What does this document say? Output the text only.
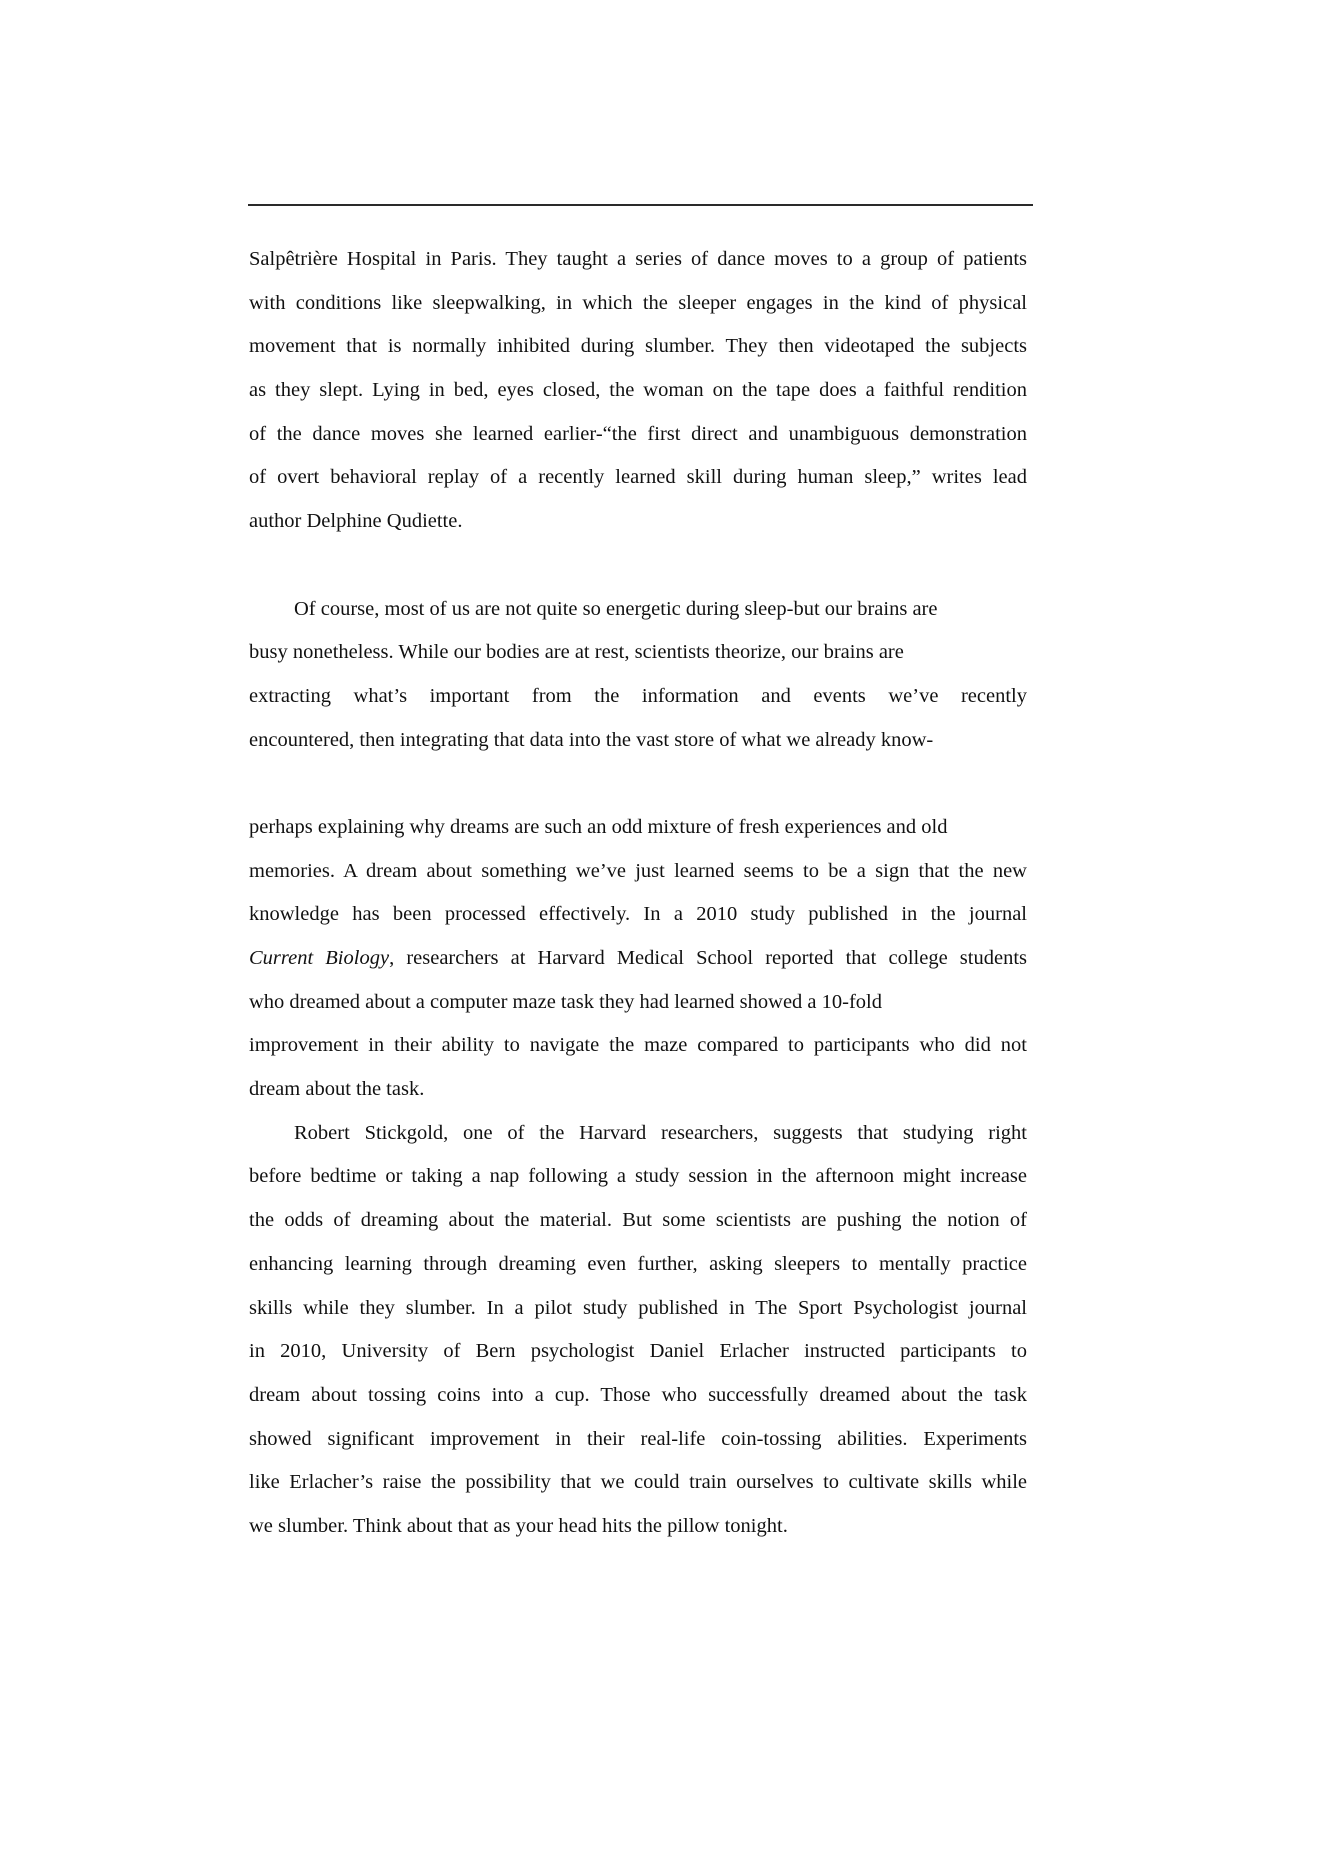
Salpêtrière Hospital in Paris. They taught a series of dance moves to a group of patients
with conditions like sleepwalking, in which the sleeper engages in the kind of physical
movement that is normally inhibited during slumber. They then videotaped the subjects
as they slept. Lying in bed, eyes closed, the woman on the tape does a faithful rendition
of the dance moves she learned earlier-“the first direct and unambiguous demonstration
of overt behavioral replay of a recently learned skill during human sleep,” writes lead
author Delphine Qudiette.
Of course, most of us are not quite so energetic during sleep-but our brains are
busy nonetheless. While our bodies are at rest, scientists theorize, our brains are
extracting what’s important from the information and events we’ve recently
encountered, then integrating that data into the vast store of what we already know-
perhaps explaining why dreams are such an odd mixture of fresh experiences and old
memories. A dream about something we’ve just learned seems to be a sign that the new
knowledge has been processed effectively. In a 2010 study published in the journal
Current Biology, researchers at Harvard Medical School reported that college students
who dreamed about a computer maze task they had learned showed a 10-fold
improvement in their ability to navigate the maze compared to participants who did not
dream about the task.
Robert Stickgold, one of the Harvard researchers, suggests that studying right
before bedtime or taking a nap following a study session in the afternoon might increase
the odds of dreaming about the material. But some scientists are pushing the notion of
enhancing learning through dreaming even further, asking sleepers to mentally practice
skills while they slumber. In a pilot study published in The Sport Psychologist journal
in 2010, University of Bern psychologist Daniel Erlacher instructed participants to
dream about tossing coins into a cup. Those who successfully dreamed about the task
showed significant improvement in their real-life coin-tossing abilities. Experiments
like Erlacher’s raise the possibility that we could train ourselves to cultivate skills while
we slumber. Think about that as your head hits the pillow tonight.
